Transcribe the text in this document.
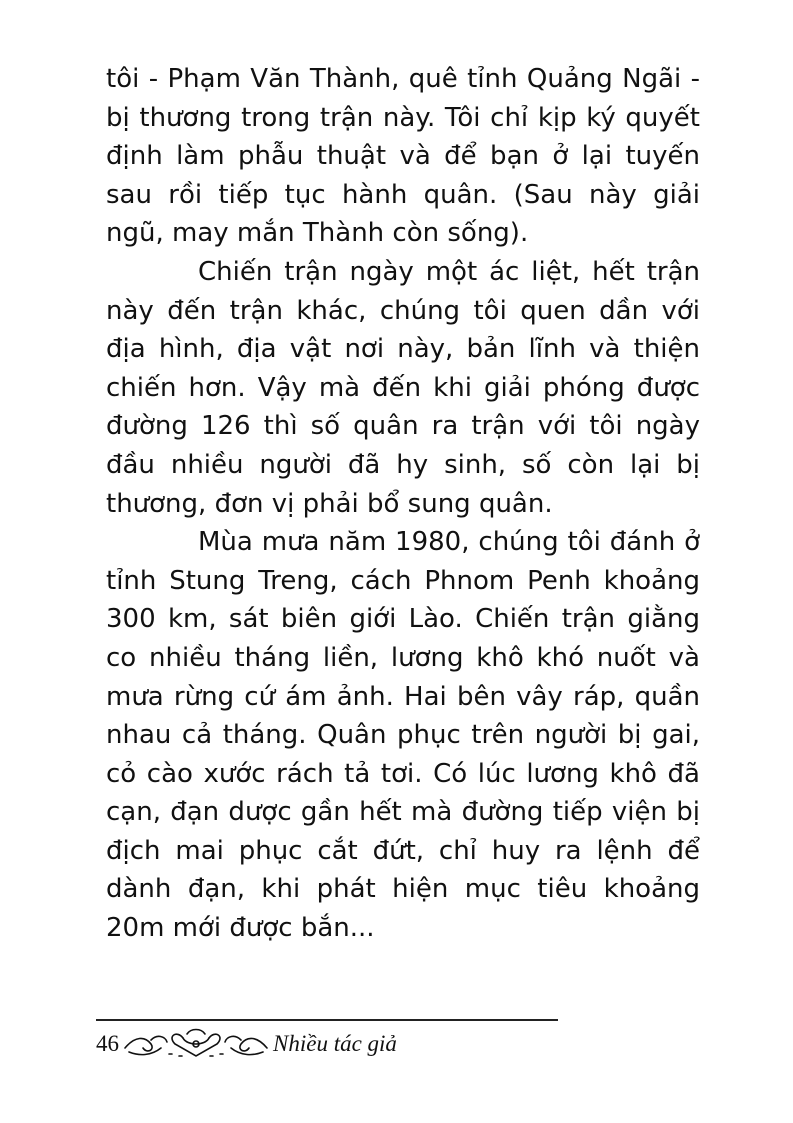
tôi - Phạm Văn Thành, quê tỉnh Quảng Ngãi - bị thương trong trận này. Tôi chỉ kịp ký quyết định làm phẫu thuật và để bạn ở lại tuyến sau rồi tiếp tục hành quân. (Sau này giải ngũ, may mắn Thành còn sống).

Chiến trận ngày một ác liệt, hết trận này đến trận khác, chúng tôi quen dần với địa hình, địa vật nơi này, bản lĩnh và thiện chiến hơn. Vậy mà đến khi giải phóng được đường 126 thì số quân ra trận với tôi ngày đầu nhiều người đã hy sinh, số còn lại bị thương, đơn vị phải bổ sung quân.

Mùa mưa năm 1980, chúng tôi đánh ở tỉnh Stung Treng, cách Phnom Penh khoảng 300 km, sát biên giới Lào. Chiến trận giằng co nhiều tháng liền, lương khô khó nuốt và mưa rừng cứ ám ảnh. Hai bên vây ráp, quần nhau cả tháng. Quân phục trên người bị gai, cỏ cào xước rách tả tơi. Có lúc lương khô đã cạn, đạn dược gần hết mà đường tiếp viện bị địch mai phục cắt đứt, chỉ huy ra lệnh để dành đạn, khi phát hiện mục tiêu khoảng 20m mới được bắn...

46	Nhiều tác giả
